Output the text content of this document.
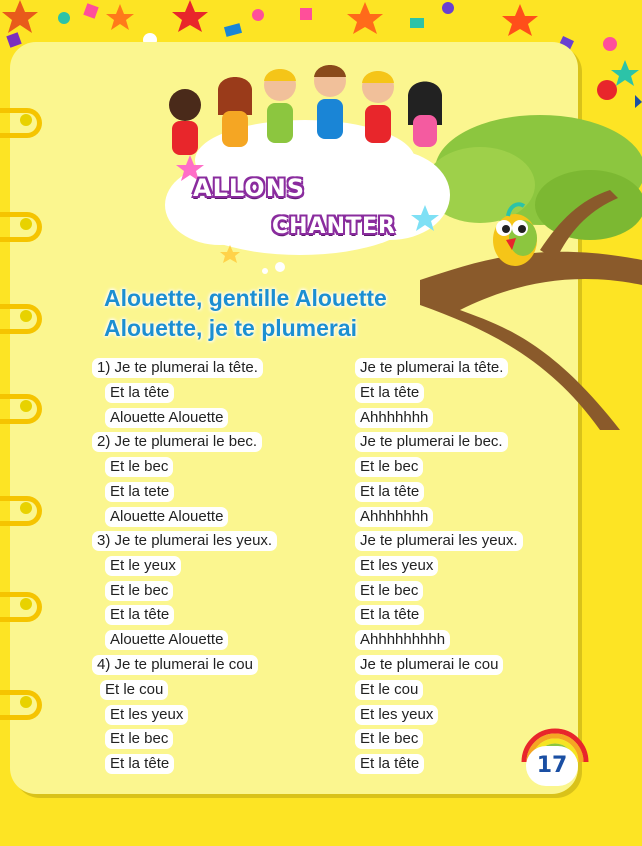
ALLONS
CHANTER
Alouette, gentille Alouette
Alouette, je te plumerai
1) Je te plumerai la tête.
Et la tête
Alouette Alouette
2) Je te plumerai le bec.
Et le bec
Et la tete
Alouette Alouette
3) Je te plumerai les yeux.
Et le yeux
Et le bec
Et la tête
Alouette Alouette
4) Je te plumerai le cou
Et le cou
Et les yeux
Et le bec
Et la tête
Je te plumerai la tête.
Et la tête
Ahhhhhhh
Je te plumerai le bec.
Et le bec
Et la tête
Ahhhhhhh
Je te plumerai les yeux.
Et les yeux
Et le bec
Et la tête
Ahhhhhhhhh
Je te plumerai le cou
Et le cou
Et les yeux
Et le bec
Et la tête	17
